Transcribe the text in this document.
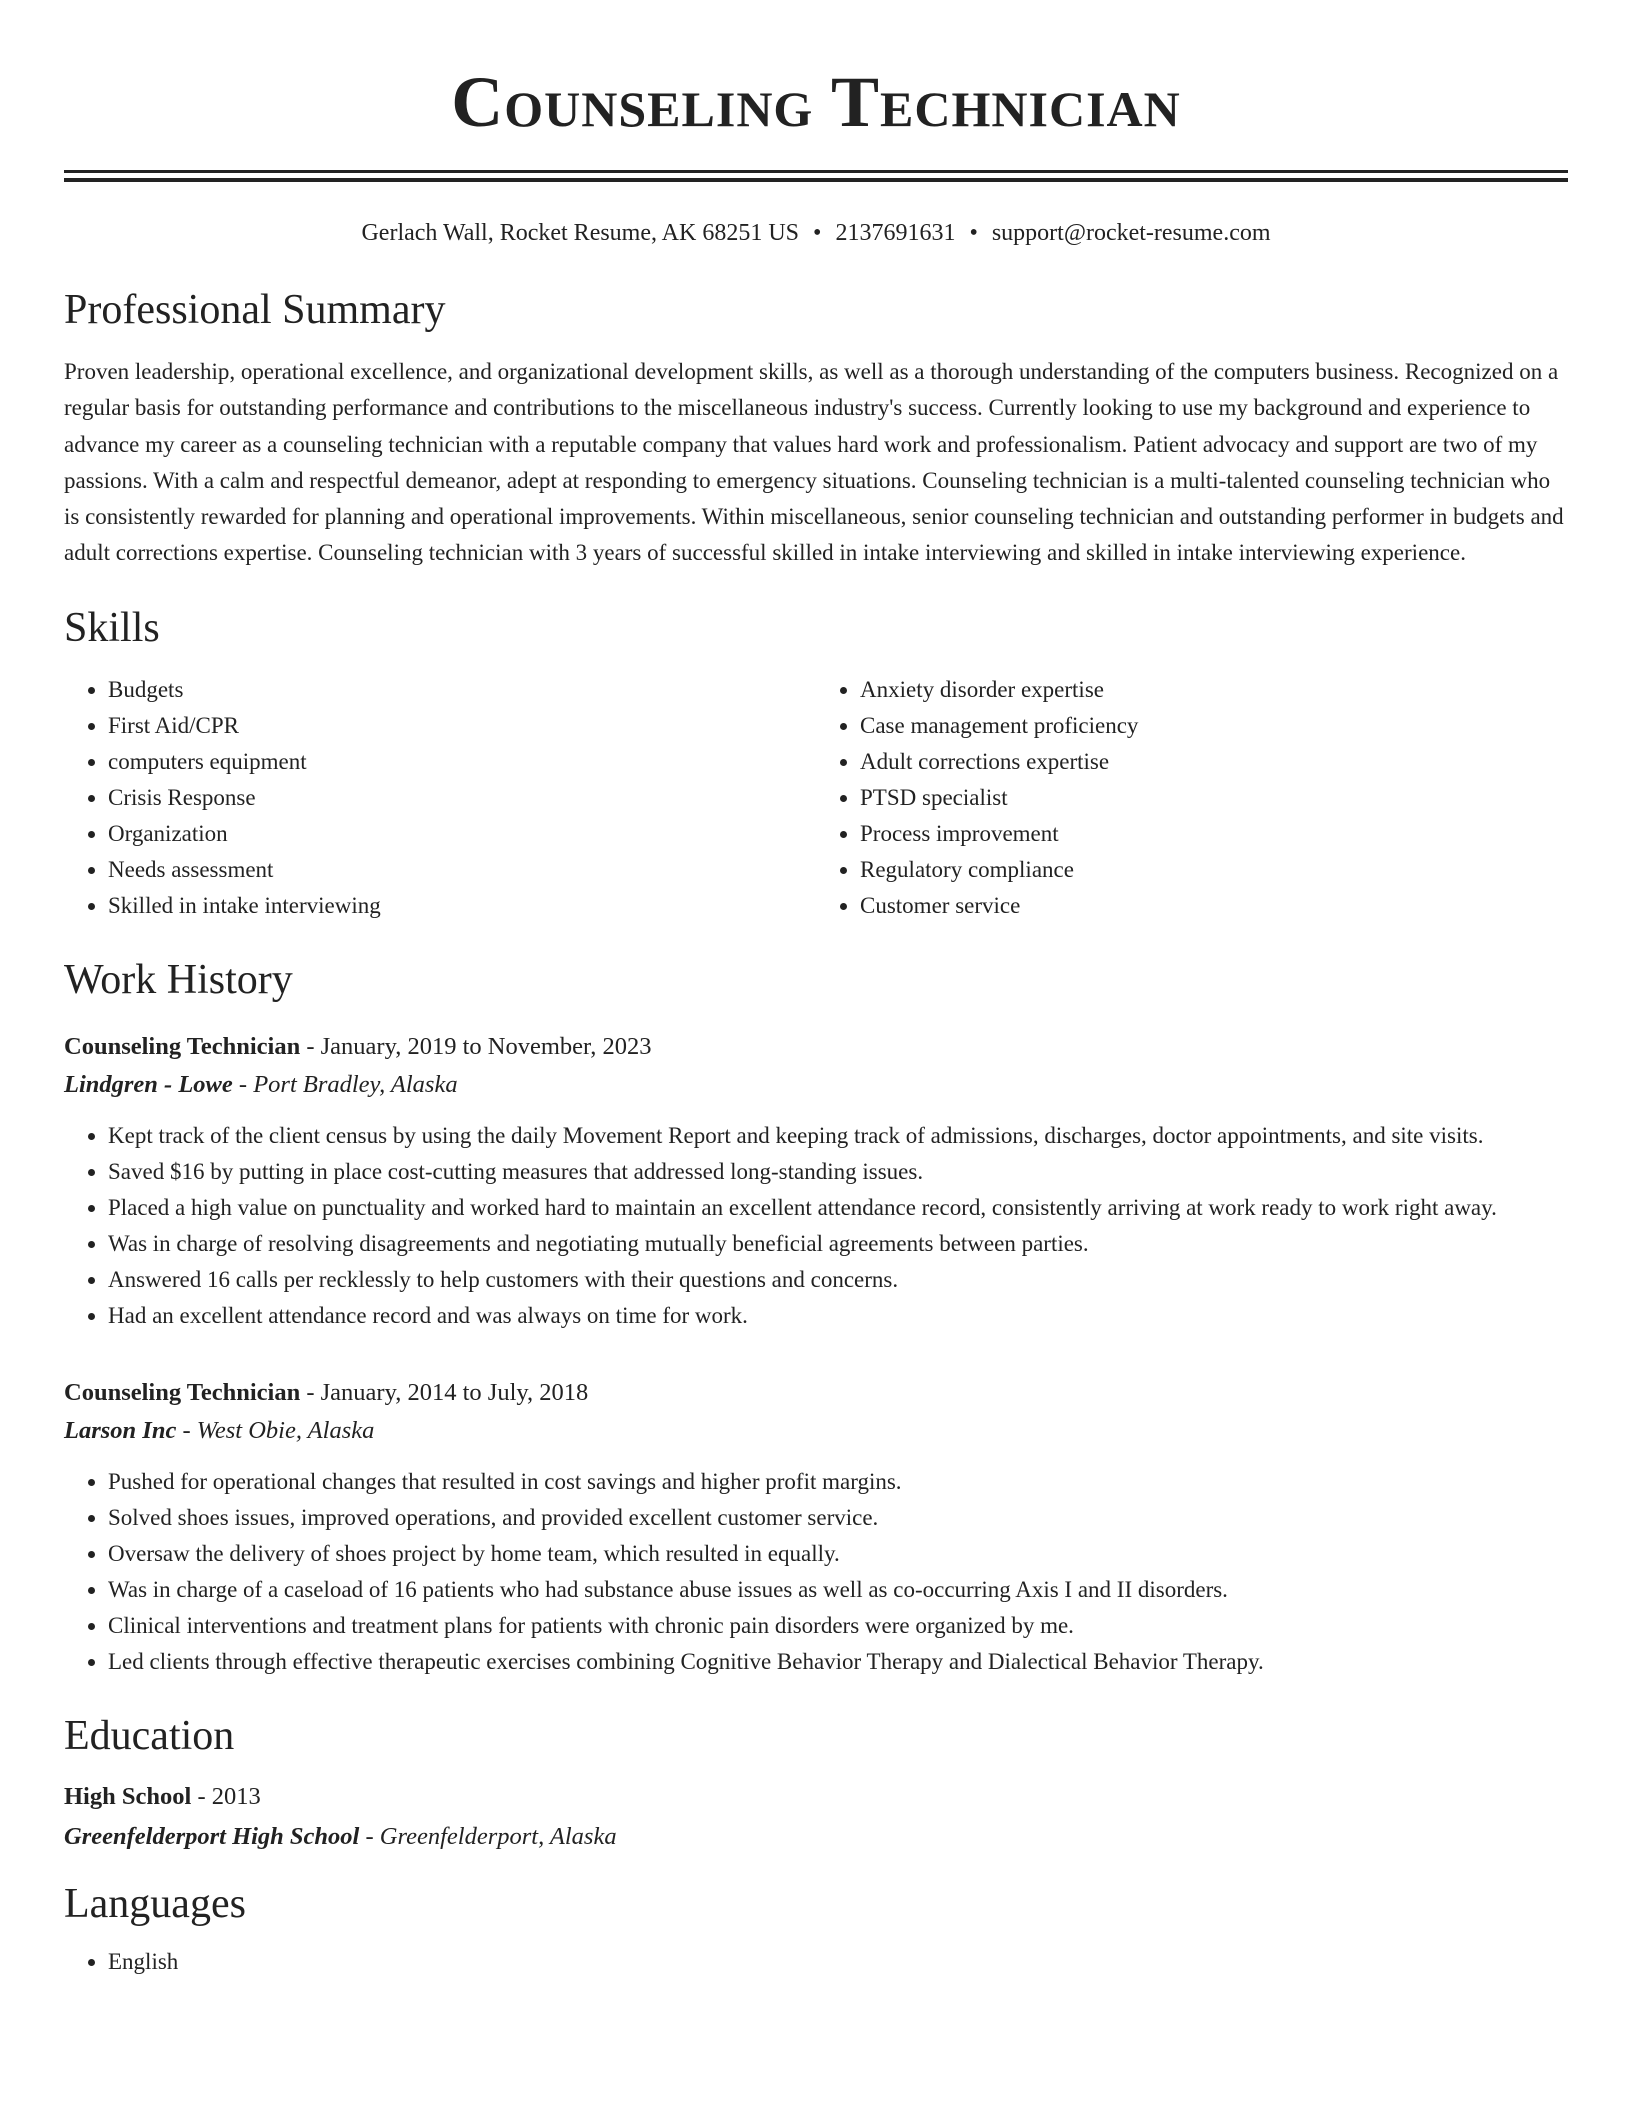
Counseling Technician
Gerlach Wall, Rocket Resume, AK 68251 US • 2137691631 • support@rocket-resume.com
Professional Summary
Proven leadership, operational excellence, and organizational development skills, as well as a thorough understanding of the computers business. Recognized on a regular basis for outstanding performance and contributions to the miscellaneous industry's success. Currently looking to use my background and experience to advance my career as a counseling technician with a reputable company that values hard work and professionalism. Patient advocacy and support are two of my passions. With a calm and respectful demeanor, adept at responding to emergency situations. Counseling technician is a multi-talented counseling technician who is consistently rewarded for planning and operational improvements. Within miscellaneous, senior counseling technician and outstanding performer in budgets and adult corrections expertise. Counseling technician with 3 years of successful skilled in intake interviewing and skilled in intake interviewing experience.
Skills
• Budgets
• First Aid/CPR
• computers equipment
• Crisis Response
• Organization
• Needs assessment
• Skilled in intake interviewing
• Anxiety disorder expertise
• Case management proficiency
• Adult corrections expertise
• PTSD specialist
• Process improvement
• Regulatory compliance
• Customer service
Work History
Counseling Technician - January, 2019 to November, 2023
Lindgren - Lowe - Port Bradley, Alaska
• Kept track of the client census by using the daily Movement Report and keeping track of admissions, discharges, doctor appointments, and site visits.
• Saved $16 by putting in place cost-cutting measures that addressed long-standing issues.
• Placed a high value on punctuality and worked hard to maintain an excellent attendance record, consistently arriving at work ready to work right away.
• Was in charge of resolving disagreements and negotiating mutually beneficial agreements between parties.
• Answered 16 calls per recklessly to help customers with their questions and concerns.
• Had an excellent attendance record and was always on time for work.
Counseling Technician - January, 2014 to July, 2018
Larson Inc - West Obie, Alaska
• Pushed for operational changes that resulted in cost savings and higher profit margins.
• Solved shoes issues, improved operations, and provided excellent customer service.
• Oversaw the delivery of shoes project by home team, which resulted in equally.
• Was in charge of a caseload of 16 patients who had substance abuse issues as well as co-occurring Axis I and II disorders.
• Clinical interventions and treatment plans for patients with chronic pain disorders were organized by me.
• Led clients through effective therapeutic exercises combining Cognitive Behavior Therapy and Dialectical Behavior Therapy.
Education
High School - 2013
Greenfelderport High School - Greenfelderport, Alaska
Languages
• English
